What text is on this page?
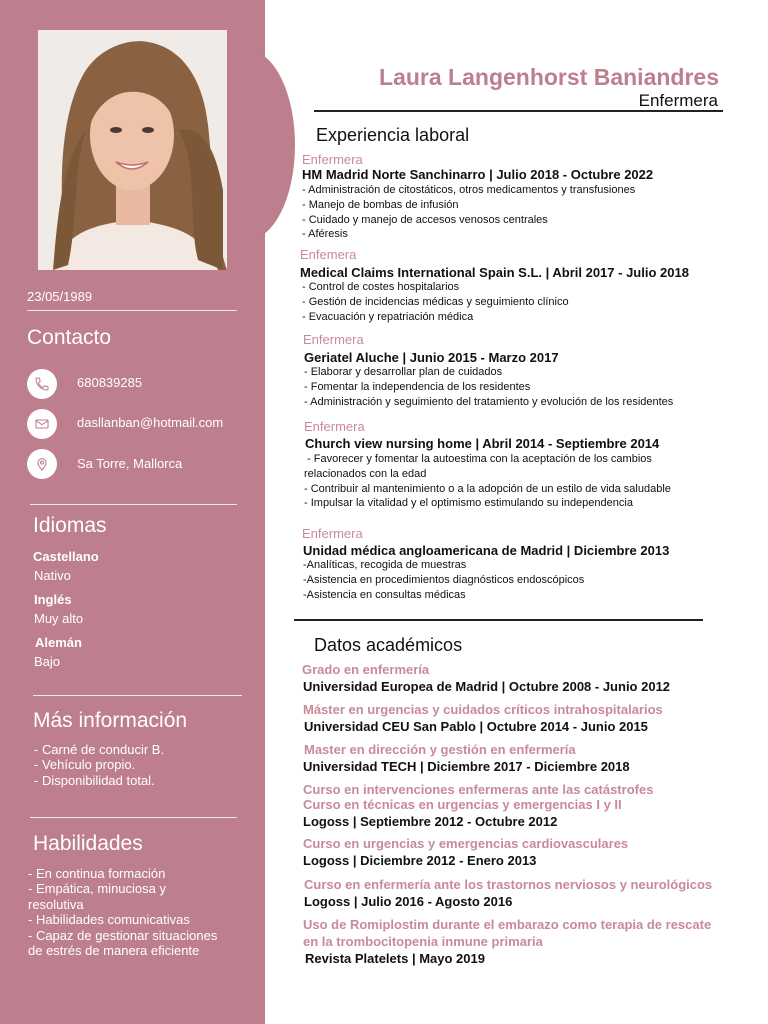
23/05/1989
Contacto
680839285
dasllanban@hotmail.com
Sa Torre, Mallorca
Idiomas
Castellano
Nativo
Inglés
Muy alto
Alemán
Bajo
Más información
- Carné de conducir B.
- Vehículo propio.
- Disponibilidad total.
Habilidades
- En continua formación
- Empática, minuciosa y
resolutiva
- Habilidades comunicativas
- Capaz de gestionar situaciones
de estrés de manera eficiente
Laura Langenhorst Baniandres
Enfermera
Experiencia laboral
Enfermera
HM Madrid Norte Sanchinarro | Julio 2018 - Octubre 2022
- Administración de citostáticos, otros medicamentos y transfusiones
- Manejo de bombas de infusión
- Cuidado y manejo de accesos venosos centrales
- Aféresis
Enfemera
Medical Claims International Spain S.L. | Abril 2017 - Julio 2018
- Control de costes hospitalarios
- Gestión de incidencias médicas y seguimiento clínico
- Evacuación y repatriación médica
Enfermera
Geriatel Aluche | Junio 2015 - Marzo 2017
- Elaborar y desarrollar plan de cuidados
- Fomentar la independencia de los residentes
- Administración y seguimiento del tratamiento y evolución de los residentes
Enfermera
Church view nursing home | Abril 2014 - Septiembre 2014
- Favorecer y fomentar la autoestima con la aceptación de los cambios
relacionados con la edad
- Contribuir al mantenimiento o a la adopción de un estilo de vida saludable
- Impulsar la vitalidad y el optimismo estimulando su independencia
Enfermera
Unidad médica angloamericana de Madrid | Diciembre 2013
-Analíticas, recogida de muestras
-Asistencia en procedimientos diagnósticos endoscópicos
-Asistencia en consultas médicas
Datos académicos
Grado en enfermería
Universidad Europea de Madrid | Octubre 2008 - Junio 2012
Máster en urgencias y cuidados críticos intrahospitalarios
Universidad CEU San Pablo | Octubre 2014 - Junio 2015
Master en dirección y gestión en enfermería
Universidad TECH | Diciembre 2017 - Diciembre 2018
Curso en intervenciones enfermeras ante las catástrofes
Curso en técnicas en urgencias y emergencias I y II
Logoss | Septiembre 2012 - Octubre 2012
Curso en urgencias y emergencias cardiovasculares
Logoss | Diciembre 2012 - Enero 2013
Curso en enfermería ante los trastornos nerviosos y neurológicos
Logoss | Julio 2016 - Agosto 2016
Uso de Romiplostim durante el embarazo como terapia de rescate
en la trombocitopenia inmune primaria
Revista Platelets | Mayo 2019
